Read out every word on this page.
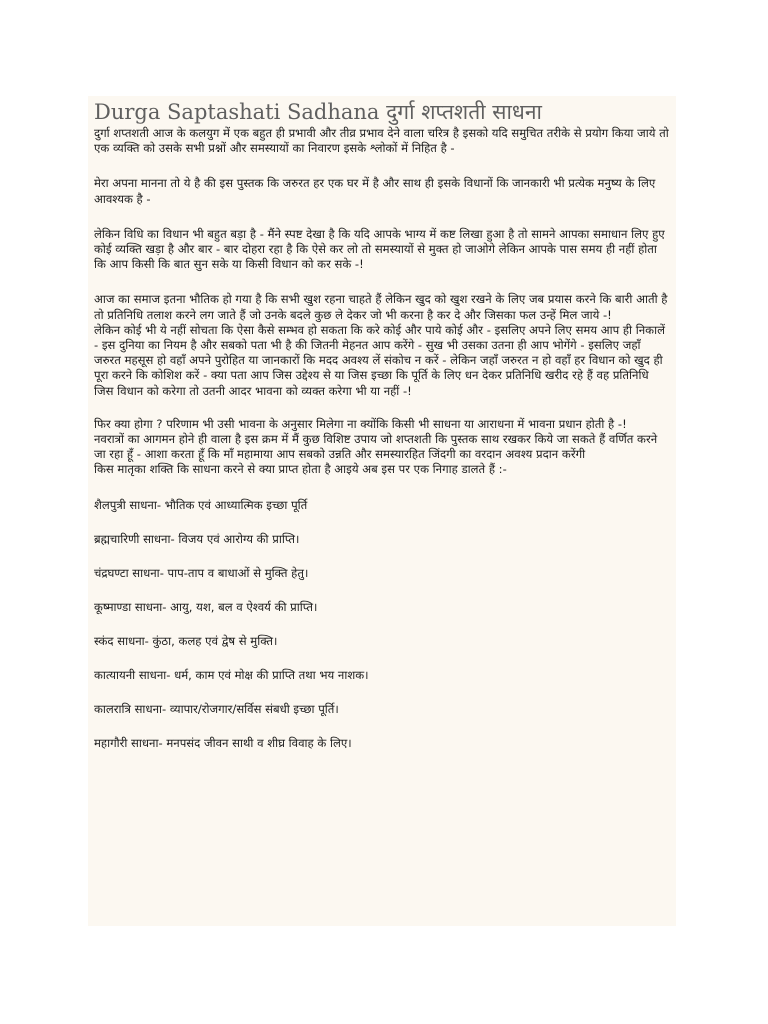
Durga Saptashati Sadhana दुर्गा शप्तशती साधना

दुर्गा शप्तशती आज के कलयुग में एक बहुत ही प्रभावी और तीव्र प्रभाव देने वाला चरित्र है इसको यदि समुचित तरीके से प्रयोग किया जाये तो एक व्यक्ति को उसके सभी प्रश्नों और समस्यायों का निवारण इसके श्लोकों में निहित है -

मेरा अपना मानना तो ये है की इस पुस्तक कि जरुरत हर एक घर में है और साथ ही इसके विधानों कि जानकारी भी प्रत्येक मनुष्य के लिए आवश्यक है -

लेकिन विधि का विधान भी बहुत बड़ा है - मैंने स्पष्ट देखा है कि यदि आपके भाग्य में कष्ट लिखा हुआ है तो सामने आपका समाधान लिए हुए कोई व्यक्ति खड़ा है और बार - बार दोहरा रहा है कि ऐसे कर लो तो समस्यायों से मुक्त हो जाओगे लेकिन आपके पास समय ही नहीं होता कि आप किसी कि बात सुन सके या किसी विधान को कर सके -!

आज का समाज इतना भौतिक हो गया है कि सभी खुश रहना चाहते हैं लेकिन खुद को खुश रखने के लिए जब प्रयास करने कि बारी आती है तो प्रतिनिधि तलाश करने लग जाते हैं जो उनके बदले कुछ ले देकर जो भी करना है कर दे और जिसका फल उन्हें मिल जाये -!

लेकिन कोई भी ये नहीं सोचता कि ऐसा कैसे सम्भव हो सकता कि करे कोई और पाये कोई और - इसलिए अपने लिए समय आप ही निकालें - इस दुनिया का नियम है और सबको पता भी है की जितनी मेहनत आप करेंगे - सुख भी उसका उतना ही आप भोगेंगे - इसलिए जहाँ जरुरत महसूस हो वहाँ अपने पुरोहित या जानकारों कि मदद अवश्य लें संकोच न करें - लेकिन जहाँ जरुरत न हो वहाँ हर विधान को खुद ही पूरा करने कि कोशिश करें - क्या पता आप जिस उद्देश्य से या जिस इच्छा कि पूर्ति के लिए धन देकर प्रतिनिधि खरीद रहे हैं वह प्रतिनिधि जिस विधान को करेगा तो उतनी आदर भावना को व्यक्त करेगा भी या नहीं -!

फिर क्या होगा ? परिणाम भी उसी भावना के अनुसार मिलेगा ना क्योंकि किसी भी साधना या आराधना में भावना प्रधान होती है -!

नवरात्रों का आगमन होने ही वाला है इस क्रम में मैं कुछ विशिष्ट उपाय जो शप्तशती कि पुस्तक साथ रखकर किये जा सकते हैं वर्णित करने जा रहा हूँ - आशा करता हूँ कि माँ महामाया आप सबको उन्नति और समस्यारहित जिंदगी का वरदान अवश्य प्रदान करेंगी

किस मातृका शक्ति कि साधना करने से क्या प्राप्त होता है आइये अब इस पर एक निगाह डालते हैं :-

शैलपुत्री साधना- भौतिक एवं आध्यात्मिक इच्छा पूर्ति
ब्रह्मचारिणी साधना- विजय एवं आरोग्य की प्राप्ति।
चंद्रघण्टा साधना- पाप-ताप व बाधाओं से मुक्ति हेतु।
कूष्माण्डा साधना- आयु, यश, बल व ऐश्वर्य की प्राप्ति।
स्कंद साधना- कुंठा, कलह एवं द्वेष से मुक्ति।
कात्यायनी साधना- धर्म, काम एवं मोक्ष की प्राप्ति तथा भय नाशक।
कालरात्रि साधना- व्यापार/रोजगार/सर्विस संबधी इच्छा पूर्ति।
महागौरी साधना- मनपसंद जीवन साथी व शीघ्र विवाह के लिए।
